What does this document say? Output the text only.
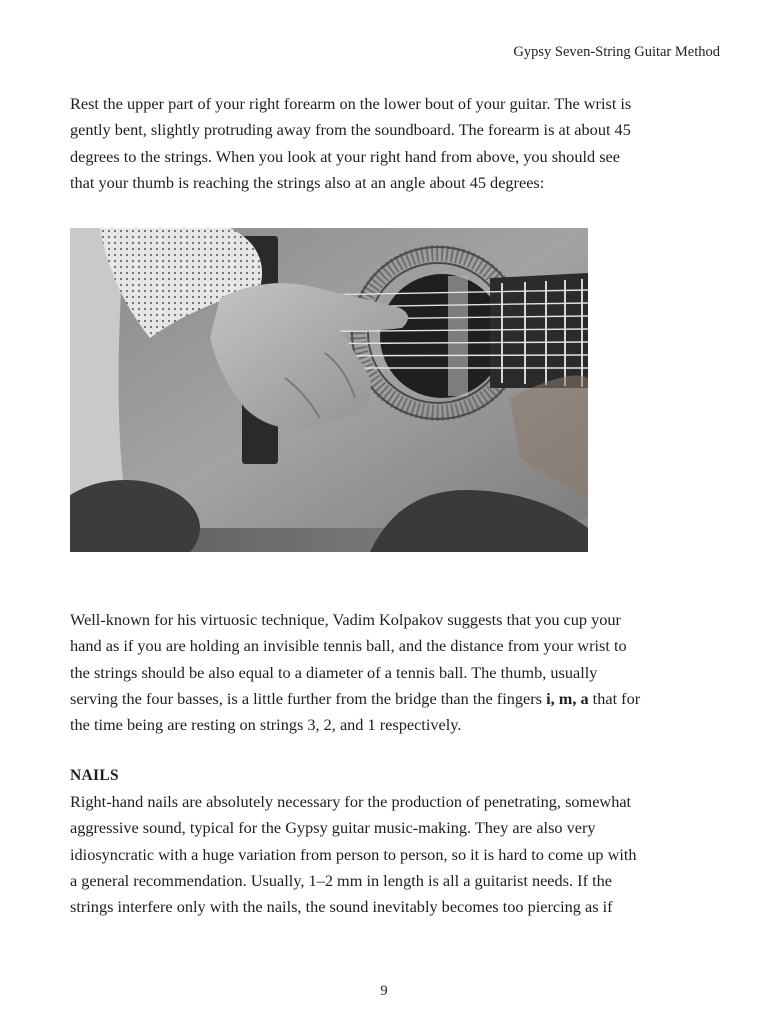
Gypsy Seven-String Guitar Method

Rest the upper part of your right forearm on the lower bout of your guitar. The wrist is
gently bent, slightly protruding away from the soundboard. The forearm is at about 45
degrees to the strings. When you look at your right hand from above, you should see
that your thumb is reaching the strings also at an angle about 45 degrees:

Well-known for his virtuosic technique, Vadim Kolpakov suggests that you cup your
hand as if you are holding an invisible tennis ball, and the distance from your wrist to
the strings should be also equal to a diameter of a tennis ball. The thumb, usually
serving the four basses, is a little further from the bridge than the fingers i, m, a that for
the time being are resting on strings 3, 2, and 1 respectively.

NAILS

Right-hand nails are absolutely necessary for the production of penetrating, somewhat
aggressive sound, typical for the Gypsy guitar music-making. They are also very
idiosyncratic with a huge variation from person to person, so it is hard to come up with
a general recommendation. Usually, 1–2 mm in length is all a guitarist needs. If the
strings interfere only with the nails, the sound inevitably becomes too piercing as if

9
